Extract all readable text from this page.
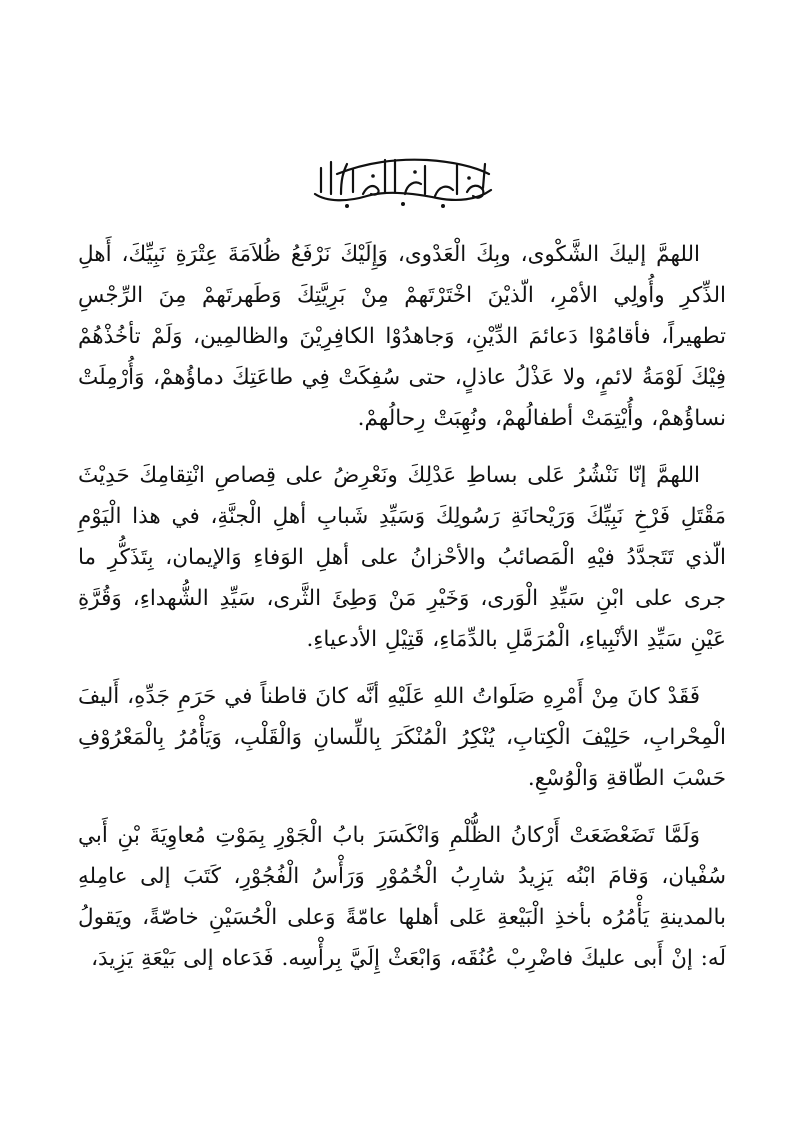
اللهمَّ إليكَ الشَّكْوى، وبِكَ الْعَدْوى، وَإِلَيْكَ نَرْفَعُ ظُلاَمَةَ عِتْرَةِ نَبِيِّكَ، أَهلِ الذِّكرِ وأُولِي الأمْرِ، الّذيْنَ اخْتَرْتَهمْ مِنْ بَرِيَّتِكَ وَطَهرتَهمْ مِنَ الرِّجْسِ تطهيراً، فأقامُوْا دَعائمَ الدِّيْنِ، وَجاهدُوْا الكافِرِيْنَ والظالمِين، وَلَمْ تأخُذْهُمْ فِيْكَ لَوْمَةُ لائمٍ، ولا عَذْلُ عاذلٍ، حتى سُفِكَتْ فِي طاعَتِكَ دماؤُهمْ، وَأُرْمِلَتْ نساؤُهمْ، وأُيْتِمَتْ أطفالُهمْ، ونُهِبَتْ رِحالُهمْ.

اللهمَّ إنّا نَنْشُرُ عَلى بساطِ عَدْلِكَ ونَعْرِضُ على قِصاصِ انْتِقامِكَ حَدِيْثَ مَقْتَلِ فَرْخِ نَبِيِّكَ وَرَيْحانَةِ رَسُولِكَ وَسَيِّدِ شَبابِ أهلِ الْجنَّةِ، في هذا الْيَوْمِ الّذي تَتَجدَّدُ فيْهِ الْمَصائبُ والأحْزانُ على أهلِ الوَفاءِ وَالإيمان، بِتَذَكُّرِ ما جرى على ابْنِ سَيِّدِ الْوَرى، وَخَيْرِ مَنْ وَطِئَ الثَّرى، سَيِّدِ الشُّهداءِ، وَقُرَّةِ عَيْنِ سَيِّدِ الأنْبِياءِ، الْمُرَمَّلِ بالدِّمَاءِ، قَتِيْلِ الأدعياءِ.

فَقَدْ كانَ مِنْ أَمْرِهِ صَلَواتُ اللهِ عَلَيْهِ أنَّه كانَ قاطناً في حَرَمِ جَدِّهِ، أَليفَ الْمِحْرابِ، حَلِيْفَ الْكِتابِ، يُنْكِرُ الْمُنْكَرَ بِاللِّسانِ وَالْقَلْبِ، وَيَأْمُرُ بِالْمَعْرُوْفِ حَسْبَ الطّاقةِ وَالْوُسْعِ.

وَلَمَّا تَضَعْضَعَتْ أَرْكانُ الظُّلْمِ وَانْكَسَرَ بابُ الْجَوْرِ بِمَوْتِ مُعاوِيَةَ بْنِ أَبي سُفْيان، وَقامَ ابْنُه يَزِيدُ شارِبُ الْخُمُوْرِ وَرَأْسُ الْفُجُوْرِ، كَتَبَ إلى عامِلهِ بالمدينةِ يَأْمُرُه بأخذِ الْبَيْعةِ عَلى أهلها عامّةً وَعلى الْحُسَيْنِ خاصّةً، ويَقولُ لَه: إنْ أَبى عليكَ فاضْرِبْ عُنُقَه، وَابْعَثْ إِلَيَّ بِرأْسِه. فَدَعاه إلى بَيْعَةِ يَزِيدَ،
